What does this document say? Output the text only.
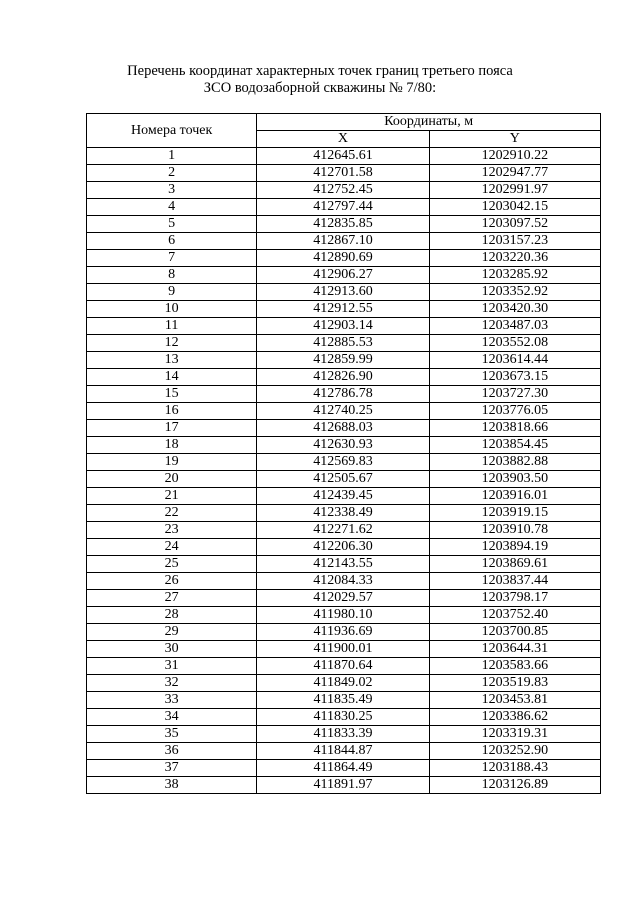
Перечень координат характерных точек границ третьего пояса
ЗСО водозаборной скважины № 7/80:
Номера точек	Координаты, м	
	X	Y
1	412645.61	1202910.22
2	412701.58	1202947.77
3	412752.45	1202991.97
4	412797.44	1203042.15
5	412835.85	1203097.52
6	412867.10	1203157.23
7	412890.69	1203220.36
8	412906.27	1203285.92
9	412913.60	1203352.92
10	412912.55	1203420.30
11	412903.14	1203487.03
12	412885.53	1203552.08
13	412859.99	1203614.44
14	412826.90	1203673.15
15	412786.78	1203727.30
16	412740.25	1203776.05
17	412688.03	1203818.66
18	412630.93	1203854.45
19	412569.83	1203882.88
20	412505.67	1203903.50
21	412439.45	1203916.01
22	412338.49	1203919.15
23	412271.62	1203910.78
24	412206.30	1203894.19
25	412143.55	1203869.61
26	412084.33	1203837.44
27	412029.57	1203798.17
28	411980.10	1203752.40
29	411936.69	1203700.85
30	411900.01	1203644.31
31	411870.64	1203583.66
32	411849.02	1203519.83
33	411835.49	1203453.81
34	411830.25	1203386.62
35	411833.39	1203319.31
36	411844.87	1203252.90
37	411864.49	1203188.43
38	411891.97	1203126.89
